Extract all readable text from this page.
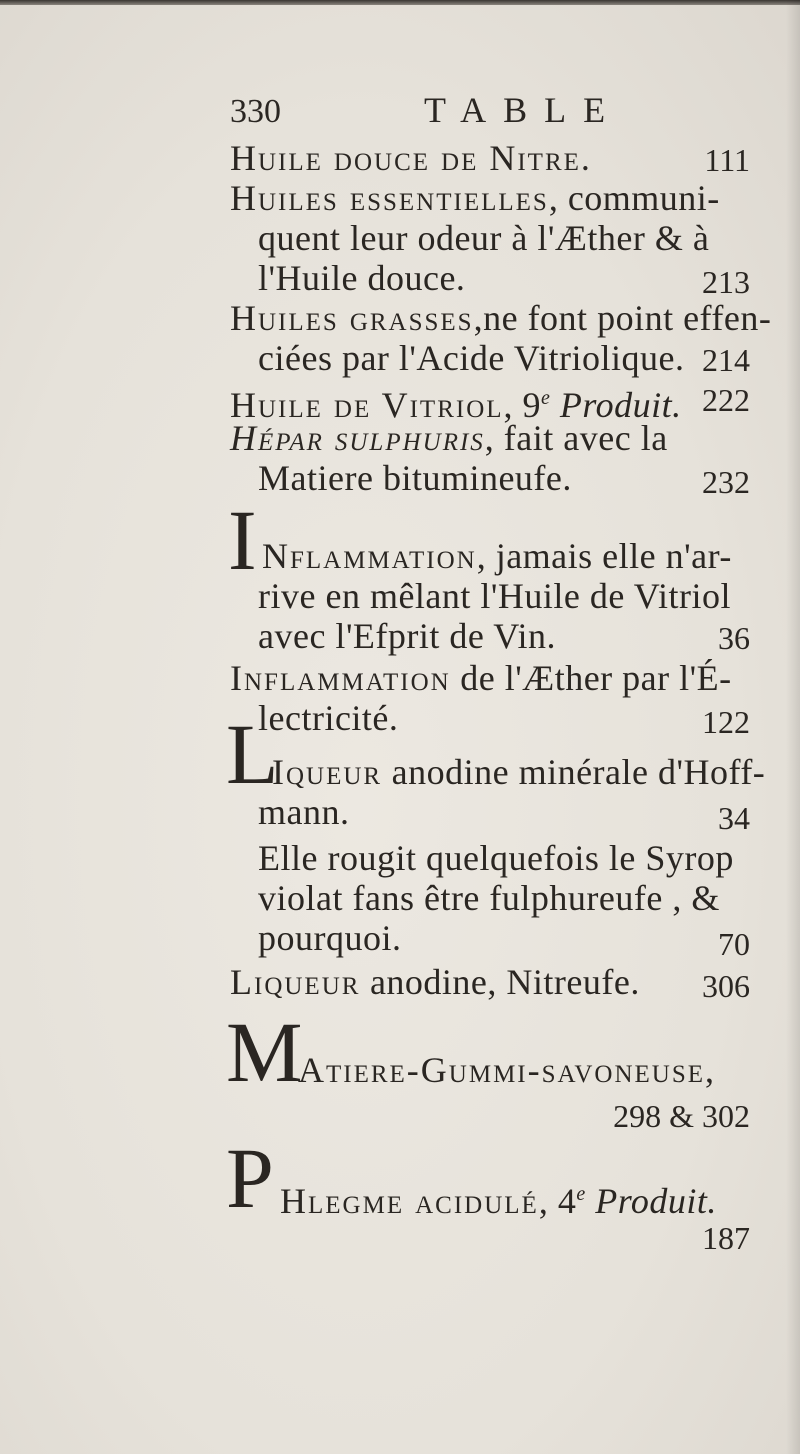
330	TABLE
Huile douce de Nitre.	111
Huiles essentielles, communi-
quent leur odeur à l'Æther & à
l'Huile douce.	213
Huiles grasses,ne font point effen-
ciées par l'Acide Vitriolique. 214
Huile de Vitriol, 9e Produit. 222
Hépar sulphuris, fait avec la
Matiere bitumineufe.	232
I Nflammation, jamais elle n'ar-
rive en mêlant l'Huile de Vitriol
avec l'Efprit de Vin.	36
Inflammation de l'Æther par l'É-
lectricité.	122
L
Iqueur anodine minérale d'Hoff-
mann.	34
Elle rougit quelquefois le Syrop
violat fans être fulphureufe , &
pourquoi.	70
Liqueur anodine, Nitreufe. 306
M
Atiere-Gummi-savoneuse,
298 & 302
P Hlegme acidulé, 4e Produit.
187
